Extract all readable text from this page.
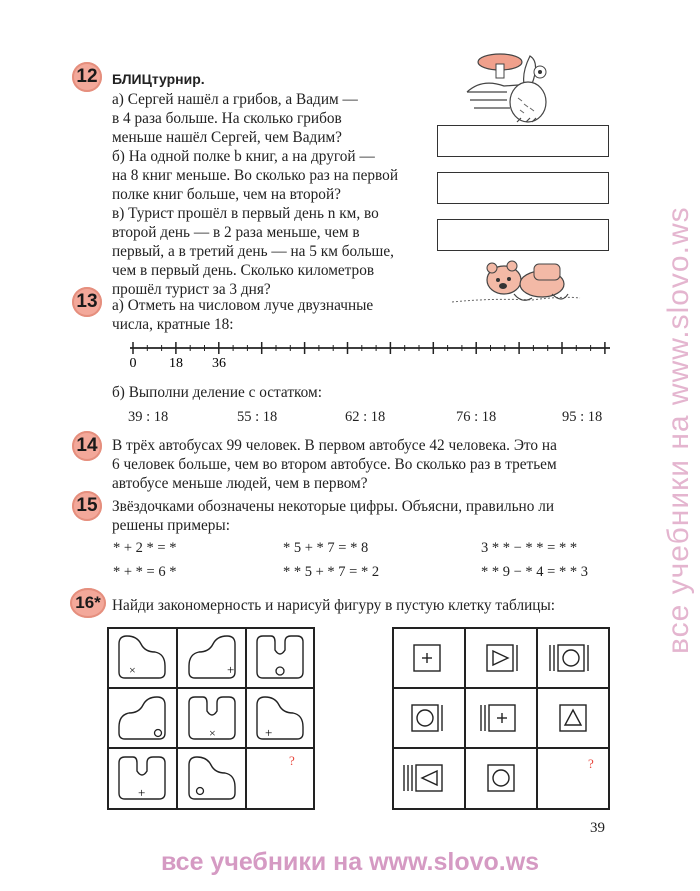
12	БЛИЦтурнир.
а) Сергей нашёл a грибов, а Вадим —
в 4 раза больше. На сколько грибов
меньше нашёл Сергей, чем Вадим?
б) На одной полке b книг, а на другой —
на 8 книг меньше. Во сколько раз на первой
полке книг больше, чем на второй?
в) Турист прошёл в первый день n км, во
второй день — в 2 раза меньше, чем в
первый, а в третий день — на 5 км больше,
чем в первый день. Сколько километров
прошёл турист за 3 дня?
13 а) Отметь на числовом луче двузначные
числа, кратные 18:
0 18 36
б) Выполни деление с остатком:
39 : 18	55 : 18	62 : 18	76 : 18	95 : 18
14 В трёх автобусах 99 человек. В первом автобусе 42 человека. Это на
6 человек больше, чем во втором автобусе. Во сколько раз в третьем
автобусе меньше людей, чем в первом?
15 Звёздочками обозначены некоторые цифры. Объясни, правильно ли
решены примеры:
* + 2 * = *	* 5 + * 7 = * 8	3 * * − * * = * *
* + * = 6 *	* * 5 + * 7 = * 2	* * 9 − * 4 = * * 3
16* Найди закономерность и нарисуй фигуру в пустую клетку таблицы:
×	+
×	+
+
?	?
39
все учебники на www.slovo.ws
все учебники на www.slovo.ws
